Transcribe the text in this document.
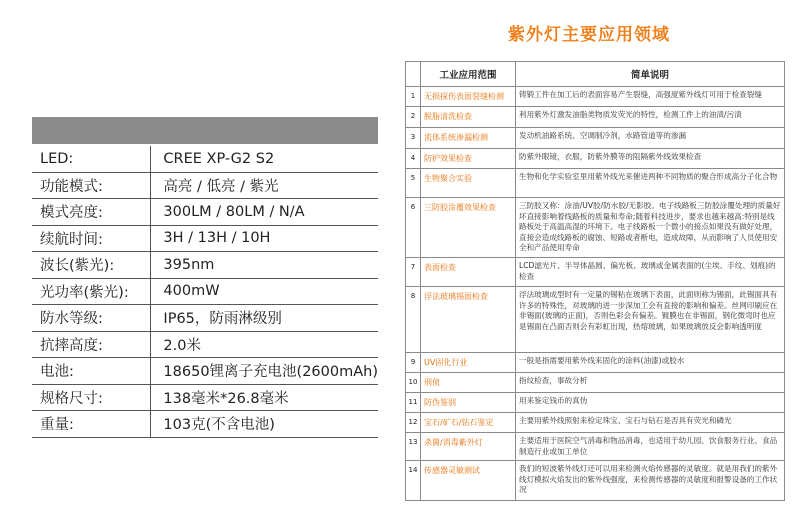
LED:	CREE XP-G2 S2
功能模式:	高亮 / 低亮 / 紫光
模式亮度:	300LM / 80LM / N/A
续航时间:	3H / 13H / 10H
波长(紫光):	395nm
光功率(紫光):	400mW
防水等级:	IP65，防雨淋级别
抗摔高度:	2.0米
电池:	18650锂离子充电池(2600mAh)
规格尺寸:	138毫米*26.8毫米
重量:	103克(不含电池)
紫外灯主要应用领域
	工业应用范围	简单说明
1	无损探伤表面裂缝检测	铸锻工件在加工后的表面容易产生裂缝，高强度紫外线灯可用于检查裂缝
2	脱脂清洗检查	利用紫外灯激发油脂类物质发荧光的特性，检测工件上的油渍/污渍
3	流体系统渗漏检测	发动机油路系统、空调制冷剂，水路管道等的渗漏
4	防护效果检查	防紫外眼镜，衣服，防紫外膜等的阻隔紫外线效果检查
5	生物聚合实验	生物和化学实验室里用紫外线光来催进两种不同物质的聚合形成高分子化合物
6	三防胶涂覆效果检查	三防胶又称：涂油/UV胶/防水胶/无影胶。电子线路板三防胶涂覆处理的质量好坏直接影响着线路板的质量和寿命;随着科技进步，要求也越来越高:特别是线路板处于高温高湿的环境下。电子线路板一个微小的接点如果没有做好处理，直接会造成线路板的腐蚀、短路或者断电，造成故障，从而影响了人员使用安全和产品使用寿命
7	表面检查	LCD滤光片、半导体晶圆、偏光板、玻璃或金属表面的(尘埃、手纹、划痕)的检查
8	浮法玻璃锡面检查	浮法玻璃成型时有一定量的锡粘在玻璃下表面，此面则称为锡面，此锡面具有许多的特殊性，对玻璃的进一步深加工会有直接的影响和偏差。丝网印刷应在非锡面(玻璃的正面)，否则色彩会有偏差。镀膜也在非锡面，钢化微弯时也应是锡面在凸面否则会有彩虹出现，热熔玻璃，如果玻璃放反会影响透明度
9	UV固化行业	一般是指需要用紫外线来固化的涂料(油漆)或胶水
10	刑侦	指纹检查，事故分析
11	防伪鉴别	用来鉴定钱币的真伪
12	宝石/矿石/钻石鉴定	主要用紫外线照射来检定珠宝、宝石与钻石是否具有荧光和磷光
13	杀菌/消毒紫外灯	主要适用于医院空气消毒和物品消毒，也适用于幼儿园、饮食服务行业、食品制造行业或加工单位
14	传感器灵敏测试	我们的短波紫外线灯还可以用来检测火焰传感器的灵敏度。就是用我们的紫外线灯模拟火焰发出的紫外线强度，来检测传感器的灵敏度和报警设备的工作状况
